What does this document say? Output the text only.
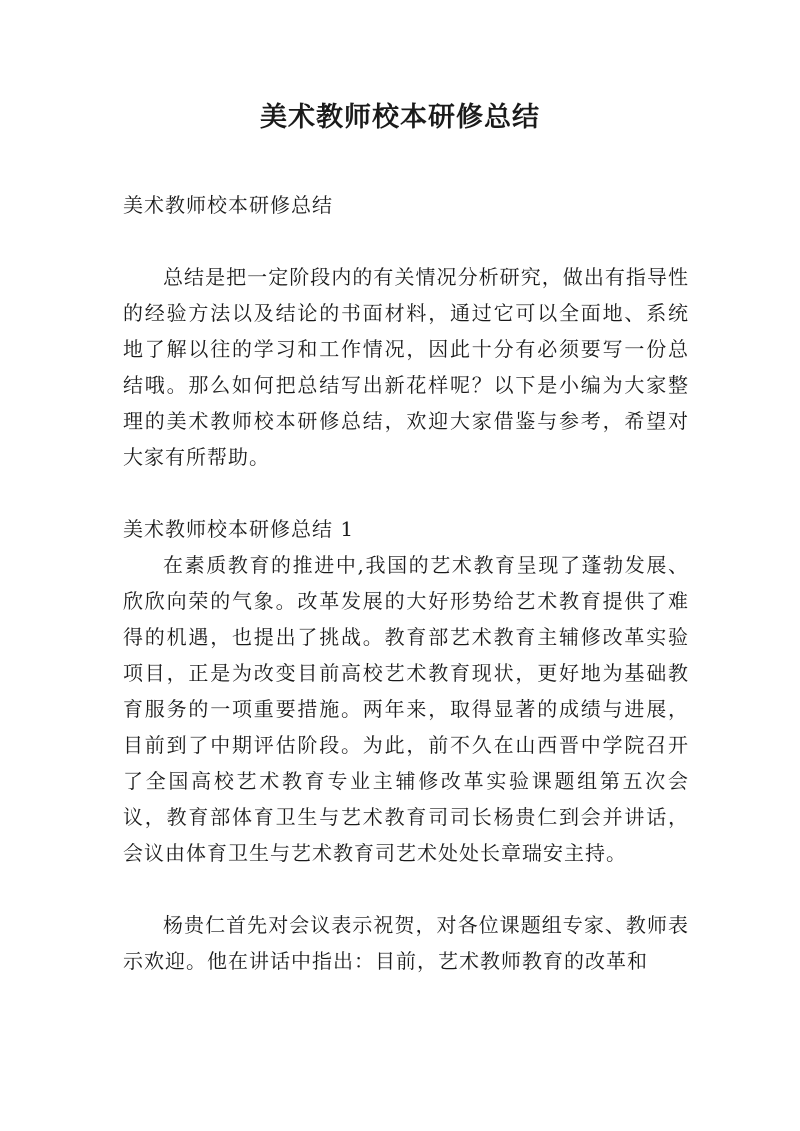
美术教师校本研修总结

美术教师校本研修总结

总结是把一定阶段内的有关情况分析研究，做出有指导性的经验方法以及结论的书面材料，通过它可以全面地、系统地了解以往的学习和工作情况，因此十分有必须要写一份总结哦。那么如何把总结写出新花样呢？以下是小编为大家整理的美术教师校本研修总结，欢迎大家借鉴与参考，希望对大家有所帮助。

美术教师校本研修总结 1

在素质教育的推进中,我国的艺术教育呈现了蓬勃发展、欣欣向荣的气象。改革发展的大好形势给艺术教育提供了难得的机遇，也提出了挑战。教育部艺术教育主辅修改革实验项目，正是为改变目前高校艺术教育现状，更好地为基础教育服务的一项重要措施。两年来，取得显著的成绩与进展，目前到了中期评估阶段。为此，前不久在山西晋中学院召开了全国高校艺术教育专业主辅修改革实验课题组第五次会议，教育部体育卫生与艺术教育司司长杨贵仁到会并讲话，会议由体育卫生与艺术教育司艺术处处长章瑞安主持。

杨贵仁首先对会议表示祝贺，对各位课题组专家、教师表示欢迎。他在讲话中指出：目前，艺术教师教育的改革和
